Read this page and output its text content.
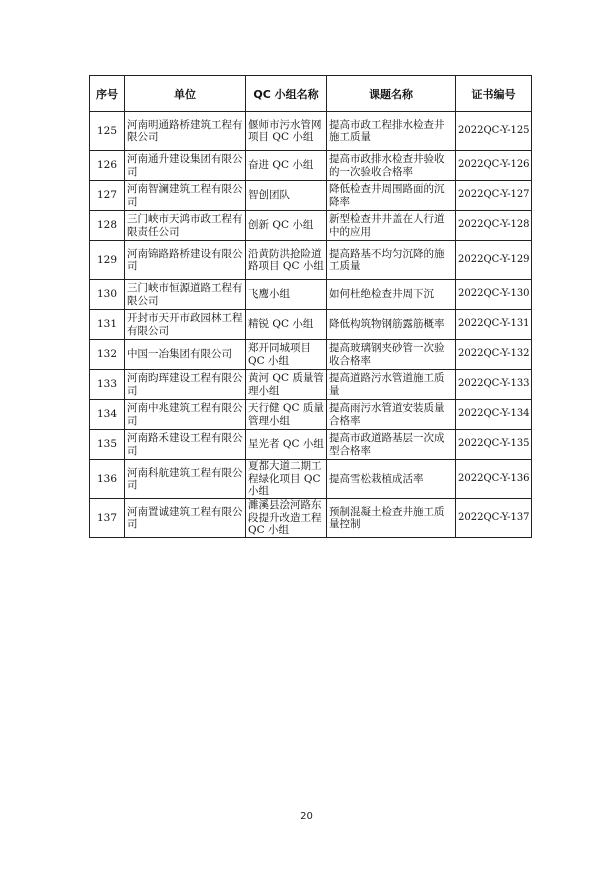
序号	单位	QC 小组名称	课题名称	证书编号
125	河南明通路桥建筑工程有限公司	偃师市污水管网项目 QC 小组	提高市政工程排水检查井施工质量	2022QC-Y-125
126	河南通升建设集团有限公司	奋进 QC 小组	提高市政排水检查井验收的一次验收合格率	2022QC-Y-126
127	河南智澜建筑工程有限公司	智创团队	降低检查井周围路面的沉降率	2022QC-Y-127
128	三门峡市天鸿市政工程有限责任公司	创新 QC 小组	新型检查井井盖在人行道中的应用	2022QC-Y-128
129	河南锦路路桥建设有限公司	沿黄防洪抢险道路项目 QC 小组	提高路基不均匀沉降的施工质量	2022QC-Y-129
130	三门峡市恒源道路工程有限公司	飞鹰小组	如何杜绝检查井周下沉	2022QC-Y-130
131	开封市天开市政园林工程有限公司	精锐 QC 小组	降低构筑物钢筋露筋概率	2022QC-Y-131
132	中国一冶集团有限公司	郑开同城项目 QC 小组	提高玻璃钢夹砂管一次验收合格率	2022QC-Y-132
133	河南昀珲建设工程有限公司	黄河 QC 质量管理小组	提高道路污水管道施工质量	2022QC-Y-133
134	河南中兆建筑工程有限公司	天行健 QC 质量管理小组	提高雨污水管道安装质量合格率	2022QC-Y-134
135	河南路禾建设工程有限公司	星光者 QC 小组	提高市政道路基层一次成型合格率	2022QC-Y-135
136	河南科航建筑工程有限公司	夏都大道二期工程绿化项目 QC 小组	提高雪松栽植成活率	2022QC-Y-136
137	河南置诚建筑工程有限公司	濉溪县浍河路东段提升改造工程 QC 小组	预制混凝土检查井施工质量控制	2022QC-Y-137
20
